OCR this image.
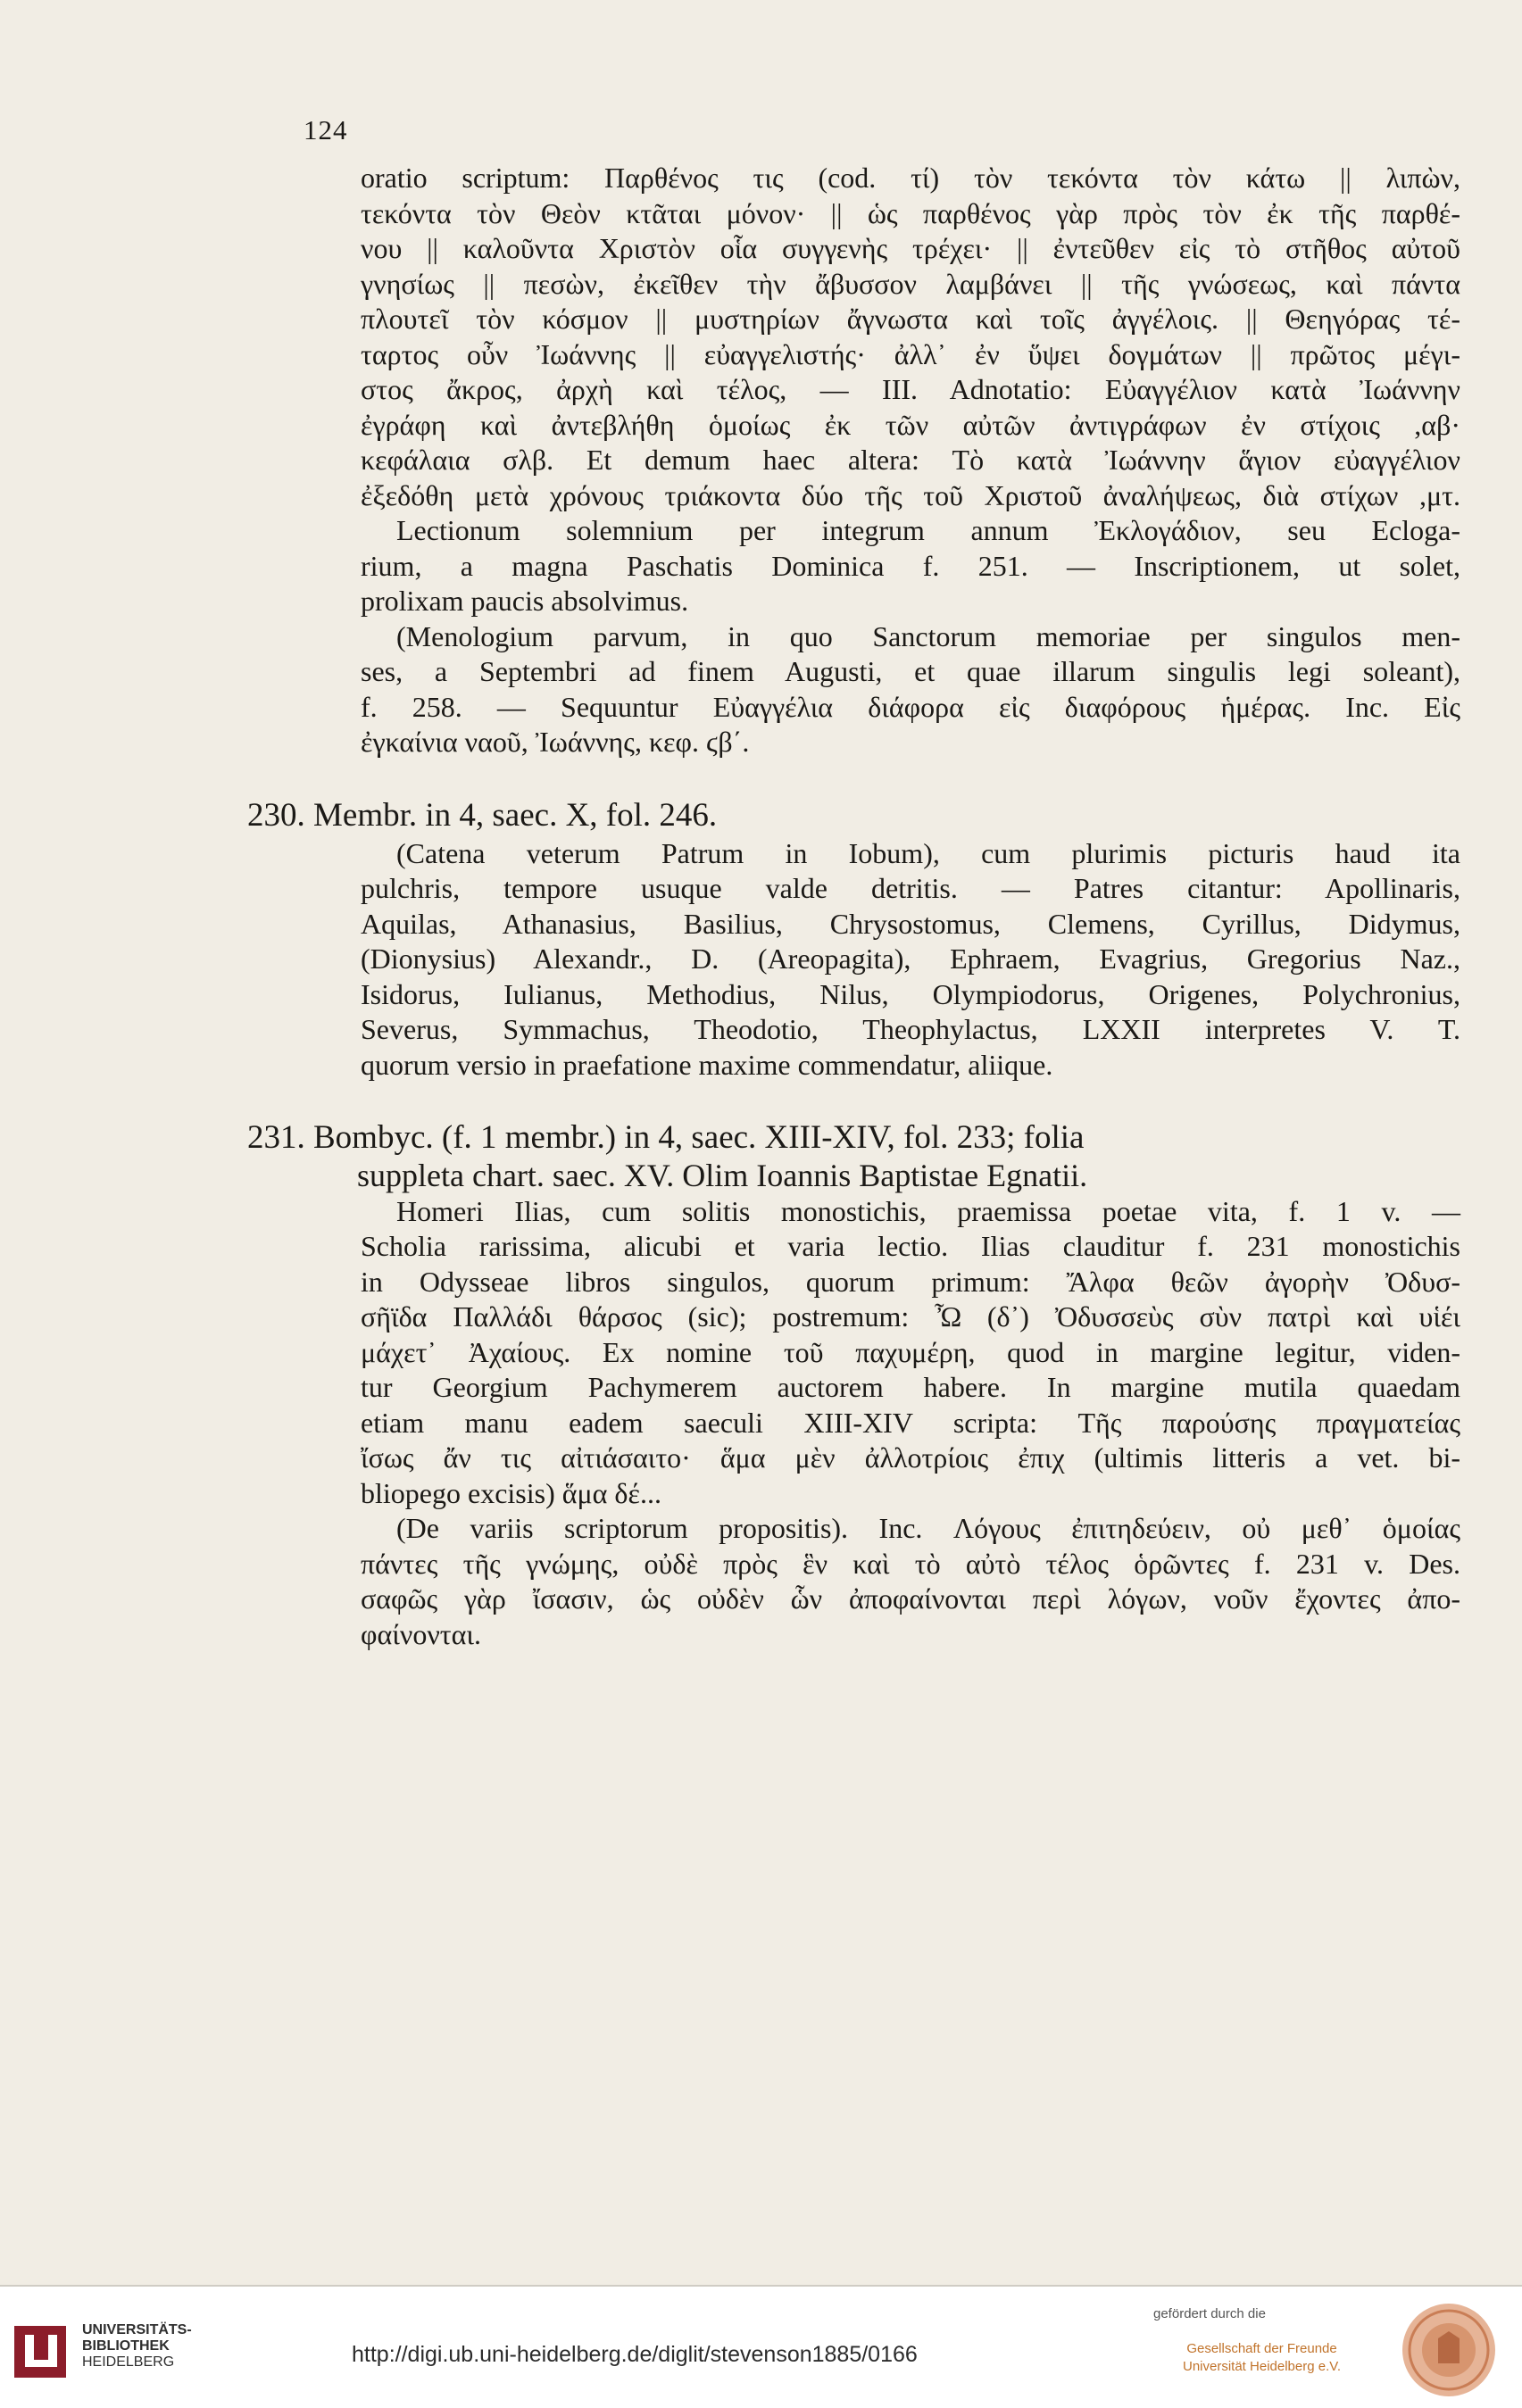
124
oratio scriptum: Παρθένος τις (cod. τί) τὸν τεκόντα τὸν κάτω || λιπὼν,
τεκόντα τὸν Θεὸν κτᾶται μόνον· || ὡς παρθένος γὰρ πρὸς τὸν ἐκ τῆς παρθέ-
νου || καλοῦντα Χριστὸν οἷα συγγενὴς τρέχει· || ἐντεῦθεν εἰς τὸ στῆθος αὐτοῦ
γνησίως || πεσὼν, ἐκεῖθεν τὴν ἄβυσσον λαμβάνει || τῆς γνώσεως, καὶ πάντα
πλουτεῖ τὸν κόσμον || μυστηρίων ἄγνωστα καὶ τοῖς ἀγγέλοις. || Θεηγόρας τέ-
ταρτος οὖν Ἰωάννης || εὐαγγελιστής· ἀλλ᾽ ἐν ὕψει δογμάτων || πρῶτος μέγι-
στος ἄκρος, ἀρχὴ καὶ τέλος, — III. Adnotatio: Εὐαγγέλιον κατὰ Ἰωάννην
ἐγράφη καὶ ἀντεβλήθη ὁμοίως ἐκ τῶν αὐτῶν ἀντιγράφων ἐν στίχοις ,αβ·
κεφάλαια σλβ. Et demum haec altera: Τὸ κατὰ Ἰωάννην ἅγιον εὐαγγέλιον
ἐξεδόθη μετὰ χρόνους τριάκοντα δύο τῆς τοῦ Χριστοῦ ἀναλήψεως, διὰ στίχων ,μτ.
Lectionum solemnium per integrum annum Ἐκλογάδιον, seu Ecloga-
rium, a magna Paschatis Dominica f. 251. — Inscriptionem, ut solet,
prolixam paucis absolvimus.
(Menologium parvum, in quo Sanctorum memoriae per singulos men-
ses, a Septembri ad finem Augusti, et quae illarum singulis legi soleant),
f. 258. — Sequuntur Εὐαγγέλια διάφορα εἰς διαφόρους ἡμέρας. Inc. Εἰς
ἐγκαίνια ναοῦ, Ἰωάννης, κεφ. ϛβ΄.
230. Membr. in 4, saec. X, fol. 246.
(Catena veterum Patrum in Iobum), cum plurimis picturis haud ita
pulchris, tempore usuque valde detritis. — Patres citantur: Apollinaris,
Aquilas, Athanasius, Basilius, Chrysostomus, Clemens, Cyrillus, Didymus,
(Dionysius) Alexandr., D. (Areopagita), Ephraem, Evagrius, Gregorius Naz.,
Isidorus, Iulianus, Methodius, Nilus, Olympiodorus, Origenes, Polychronius,
Severus, Symmachus, Theodotio, Theophylactus, LXXII interpretes V. T.
quorum versio in praefatione maxime commendatur, aliique.
231. Bombyc. (f. 1 membr.) in 4, saec. XIII-XIV, fol. 233; folia
suppleta chart. saec. XV. Olim Ioannis Baptistae Egnatii.
Homeri Ilias, cum solitis monostichis, praemissa poetae vita, f. 1 v. —
Scholia rarissima, alicubi et varia lectio. Ilias clauditur f. 231 monostichis
in Odysseae libros singulos, quorum primum: Ἄλφα θεῶν ἀγορὴν Ὀδυσ-
σῆϊδα Παλλάδι θάρσος (sic); postremum: Ὦ (δ᾽) Ὀδυσσεὺς σὺν πατρὶ καὶ υἱέι
μάχετ᾽ Ἀχαίους. Ex nomine τοῦ παχυμέρη, quod in margine legitur, viden-
tur Georgium Pachymerem auctorem habere. In margine mutila quaedam
etiam manu eadem saeculi XIII-XIV scripta: Τῆς παρούσης πραγματείας
ἴσως ἄν τις αἰτιάσαιτο· ἅμα μὲν ἀλλοτρίοις ἐπιχ (ultimis litteris a vet. bi-
bliopego excisis) ἅμα δέ...
(De variis scriptorum propositis). Inc. Λόγους ἐπιτηδεύειν, οὐ μεθ᾽ ὁμοίας
πάντες τῆς γνώμης, οὐδὲ πρὸς ἓν καὶ τὸ αὐτὸ τέλος ὁρῶντες f. 231 v. Des.
σαφῶς γὰρ ἴσασιν, ὡς οὐδὲν ὧν ἀποφαίνονται περὶ λόγων, νοῦν ἔχοντες ἀπο-
φαίνονται.
UNIVERSITÄTS-
BIBLIOTHEK
HEIDELBERG	http://digi.ub.uni-heidelberg.de/diglit/stevenson1885/0166
gefördert durch die
Gesellschaft der Freunde
Universität Heidelberg e.V.
